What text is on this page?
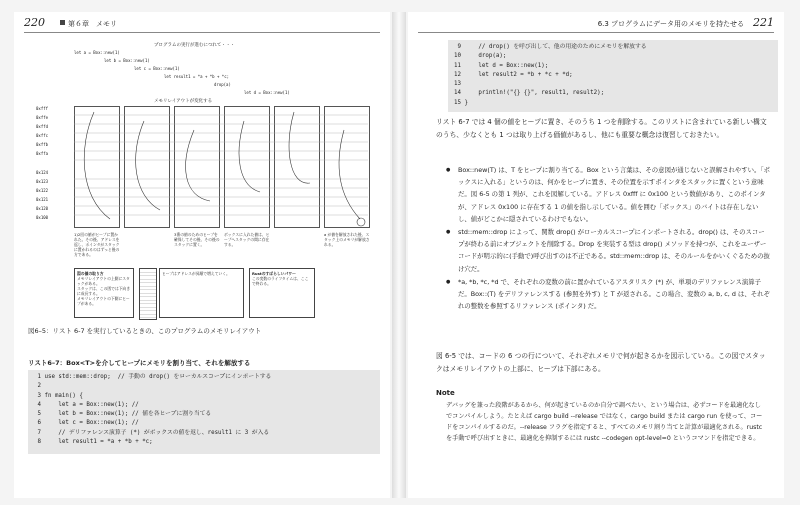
220	第６章　メモリ
プログラムの実行が進むにつれて・・・
let a = Box::new(1)
let b = Box::new(1)
let c = Box::new(1)
let result1 = *a + *b + *c;
drop(a)
let d = Box::new(1)
メモリレイアウトが変化する
0xfff
0xffe
0xffd
0xffc
0xffb
0xffa
0x124
0x123
0x122
0x121
0x120
0x100
1)2回の値がヒープに置かれた。その後、アドレスを返し、ポインタがスタックに置かれるのはずっと後の方である。
3番の値のためのヒープを確保してその後、その後のスタックに置く。
ボックスに入れた値は、ヒープへスタックの間に存在する。
a が値を解放された後、スタック上のメモリが解放される。
図の値の取り方
メモリレイアウトの上側にスタックがある。
スタックは、この図では下向きに成長する。
メモリレイアウトの下側にヒープがある。
ヒープはアドレスが昇順で増えていく。	Rustのすばらしいパワー
この変数のライフタイムは、ここで終わる。
図6–5：リスト 6-7 を実行しているときの、このプログラムのメモリレイアウト
リスト6–7：Box<T>を介してヒープにメモリを割り当て、それを解放する
1 use std::mem::drop;  // 手動の drop() をローカルスコープにインポートする
2
3 fn main() {
4     let a = Box::new(1); //
5     let b = Box::new(1); // 値を各ヒープに割り当てる
6     let c = Box::new(1); //
7     // デリファレンス演算子 (*) がボックスの値を返し、result1 に 3 が入る
8     let result1 = *a + *b + *c;
6.3 プログラムにデータ用のメモリを持たせる 221
9     // drop() を呼び出して、他の用途のためにメモリを解放する
10     drop(a);
11     let d = Box::new(1);
12     let result2 = *b + *c + *d;
13
14     println!("{} {}", result1, result2);
15 }
リスト 6-7 では 4 個の値をヒープに置き、そのうち 1 つを削除する。このリストに含まれている新しい構文のうち、少なくとも 1 つは取り上げる価値があるし、他にも重要な概念は復習しておきたい。
● Box::new(T) は、T をヒープに割り当てる。Box という言葉は、その意図が通じないと誤解されやすい。「ボックスに入れる」というのは、何かをヒープに置き、その位置を示すポインタをスタックに置くという意味だ。図 6-5 の第 1 列が、これを図解している。アドレス 0xfff に 0x100 という数値があり、このポインタが、アドレス 0x100 に存在する 1 の値を指し示している。値を囲む「ボックス」のバイトは存在しないし、値がどこかに隠されているわけでもない。
● std::mem::drop によって、関数 drop() がローカルスコープにインポートされる。drop() は、そのスコープが終わる前にオブジェクトを削除する。Drop を実装する型は drop() メソッドを持つが、これをユーザーコードが明示的に(手動で)呼び出すのは不正である。std::mem::drop は、そのルールをかいくぐるための抜け穴だ。
● *a, *b, *c, *d で、それぞれの変数の前に置かれているアスタリスク (*) が、単項のデリファレンス演算子だ。Box::(T) をデリファレンスする (参照を外す) と T が返される。この場合、変数の a, b, c, d は、それぞれの整数を参照するリファレンス (ポインタ) だ。
図 6-5 では、コードの 6 つの行について、それぞれメモリで何が起きるかを図示している。この図でスタックはメモリレイアウトの上部に、ヒープは下部にある。
Note
デバッグを兼った段階があるから、何が起きているのか自分で調べたい、という場合は、必ずコードを最適化なしでコンパイルしよう。たとえば cargo build --release ではなく、cargo build または cargo run を使って、コードをコンパイルするのだ。--release フラグを指定すると、すべてのメモリ割り当てと計算が最適化される。rustc を手動で呼び出すときに、最適化を抑制するには rustc --codegen opt-level=0 というコマンドを指定できる。
